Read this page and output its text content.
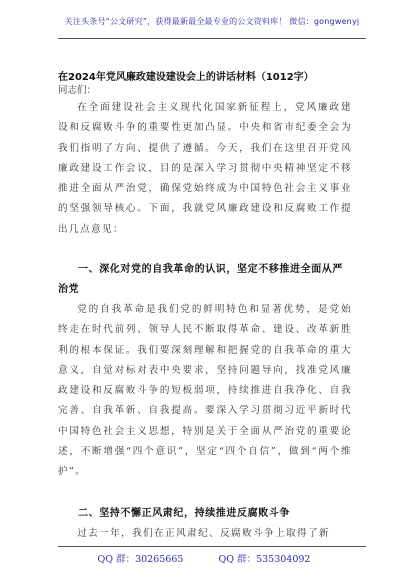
关注头条号“公文研究”，获得最新最全最专业的公文资料库！ 微信：gongwenyj
在2024年党风廉政建设建设会上的讲话材料（1012字）
同志们：

在全面建设社会主义现代化国家新征程上，党风廉政建设和反腐败斗争的重要性更加凸显。中央和省市纪委全会为我们指明了方向、提供了遵循。今天，我们在这里召开党风廉政建设工作会议，目的是深入学习贯彻中央精神坚定不移推进全面从严治党，确保党始终成为中国特色社会主义事业的坚强领导核心。下面，我就党风廉政建设和反腐败工作提出几点意见：

一、深化对党的自我革命的认识，坚定不移推进全面从严治党

党的自我革命是我们党的鲜明特色和显著优势，是党始终走在时代前列、领导人民不断取得革命、建设、改革新胜利的根本保证。我们要深刻理解和把握党的自我革命的重大意义，自觉对标对表中央要求，坚持问题导向，找准党风廉政建设和反腐败斗争的短板弱项，持续推进自我净化、自我完善、自我革新、自我提高。要深入学习贯彻习近平新时代中国特色社会主义思想，特别是关于全面从严治党的重要论述，不断增强“四个意识”，坚定“四个自信”，做到“两个维护”。

二、坚持不懈正风肃纪，持续推进反腐败斗争

过去一年，我们在正风肃纪、反腐败斗争上取得了新

QQ 群：30265665	QQ 群：535304092
